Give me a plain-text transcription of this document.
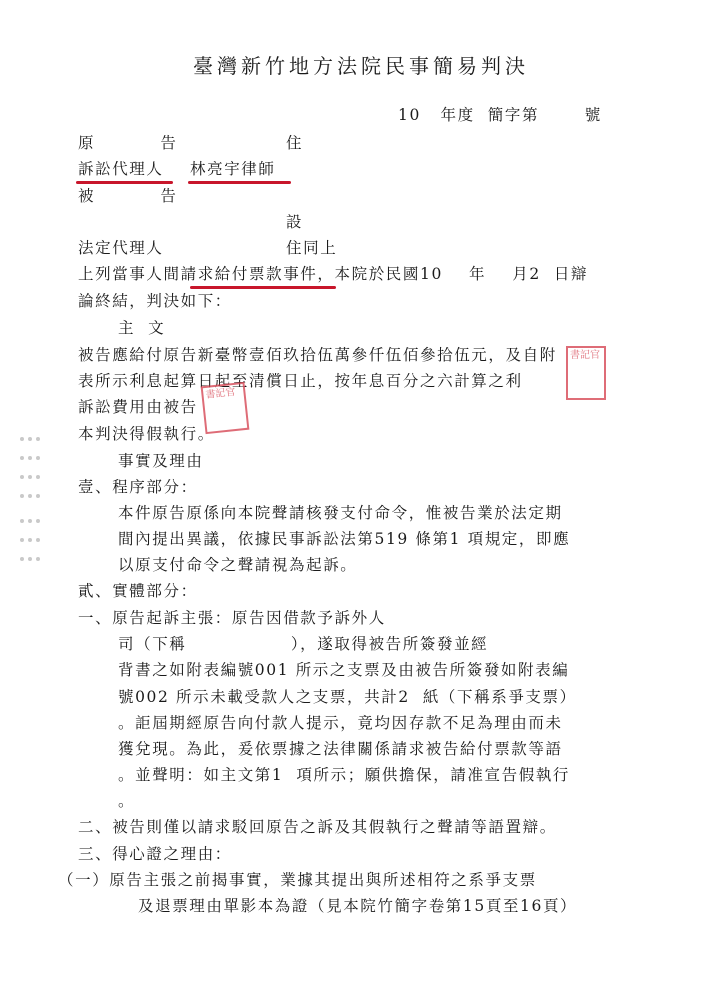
臺灣新竹地方法院民事簡易判決
10   年度  簡字第       號
原          告	住
訴訟代理人 林亮宇律師
被          告
設
法定代理人	住同上
上列當事人間請求給付票款事件，本院於民國10    年    月2  日辯
論終結，判決如下：
主  文
被告應給付原告新臺幣壹佰玖拾伍萬參仟伍佰參拾伍元，及自附
表所示利息起算日起至清償日止，按年息百分之六計算之利
訴訟費用由被告
本判決得假執行。
事實及理由
壹、程序部分：
本件原告原係向本院聲請核發支付命令，惟被告業於法定期
間內提出異議，依據民事訴訟法第519 條第1 項規定，即應
以原支付命令之聲請視為起訴。
貳、實體部分：
一、原告起訴主張：原告因借款予訴外人
司（下稱                ），遂取得被告所簽發並經
背書之如附表編號001 所示之支票及由被告所簽發如附表編
號002 所示未載受款人之支票，共計2  紙（下稱系爭支票）
。詎屆期經原告向付款人提示，竟均因存款不足為理由而未
獲兌現。為此，爰依票據之法律關係請求被告給付票款等語
。並聲明：如主文第1  項所示；願供擔保，請准宣告假執行
。
二、被告則僅以請求駁回原告之訴及其假執行之聲請等語置辯。
三、得心證之理由：
（一）原告主張之前揭事實，業據其提出與所述相符之系爭支票
及退票理由單影本為證（見本院竹簡字卷第15頁至16頁）
書記官
書記官
